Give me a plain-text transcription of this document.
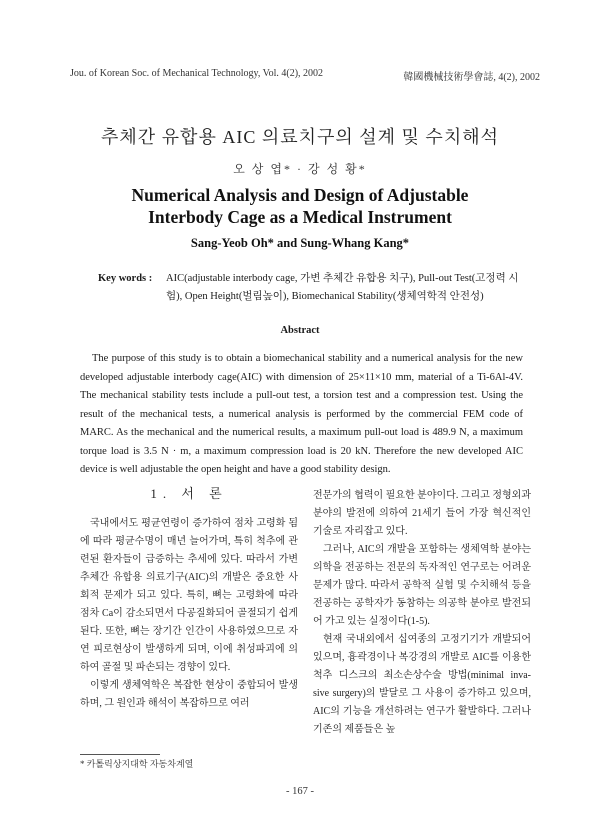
Jou. of Korean Soc. of Mechanical Technology, Vol. 4(2), 2002	韓國機械技術學會誌, 4(2), 2002
추체간 유합용 AIC 의료치구의 설계 및 수치해석
오 상 엽* · 강 성 황*
Numerical Analysis and Design of Adjustable
Interbody Cage as a Medical Instrument
Sang-Yeob Oh* and Sung-Whang Kang*
Key words :	AIC(adjustable interbody cage, 가변 추체간 유합용 치구), Pull-out Test(고정력 시험), Open Height(벌림높이), Biomechanical Stability(생체역학적 안전성)
Abstract
The purpose of this study is to obtain a biomechanical stability and a numerical analysis for the new developed adjustable interbody cage(AIC) with dimension of 25×11×10 mm, material of a Ti-6Al-4V. The mechanical stability tests include a pull-out test, a torsion test and a compression test. Using the result of the mechanical tests, a numerical analysis is performed by the commercial FEM code of MARC. As the mechanical and the numerical results, a maximum pull-out load is 489.9 N, a maximum torque load is 3.5 N · m, a maximum compression load is 20 kN. Therefore the new developed AIC device is well adjustable the open height and have a good stability design.
1. 서 론

국내에서도 평균연령이 증가하여 점차 고령화 됨에 따라 평균수명이 매년 늘어가며, 특히 척추에 관련된 환자들이 급증하는 추세에 있다. 따라서 가변 추체간 유합용 의료기구(AIC)의 개발은 중요한 사회적 문제가 되고 있다. 특히, 뼈는 고령화에 따라 점차 Ca이 감소되면서 다공질화되어 골절되기 쉽게 된다. 또한, 뼈는 장기간 인간이 사용하였으므로 자연 피로현상이 발생하게 되며, 이에 취성파괴에 의하여 골절 및 파손되는 경향이 있다.

이렇게 생체역학은 복잡한 현상이 중합되어 발생하며, 그 원인과 해석이 복잡하므로 여러

전문가의 협력이 필요한 분야이다. 그리고 정형외과 분야의 발전에 의하여 21세기 들어 가장 혁신적인 기술로 자리잡고 있다.

그러나, AIC의 개발을 포함하는 생체역학 분야는 의학을 전공하는 전문의 독자적인 연구로는 어려운 문제가 많다. 따라서 공학적 실험 및 수치해석 등을 전공하는 공학자가 동참하는 의공학 분야로 발전되어 가고 있는 실정이다(1-5).

현재 국내외에서 십여종의 고정기기가 개발되어 있으며, 흉곽경이나 복강경의 개발로 AIC를 이용한 척추 디스크의 최소손상수술 방법(minimal inva- sive surgery)의 발달로 그 사용이 증가하고 있으며, AIC의 기능을 개선하려는 연구가 활발하다. 그러나 기존의 제품들은 높

* 카톨릭상지대학 자동차계열
- 167 -
